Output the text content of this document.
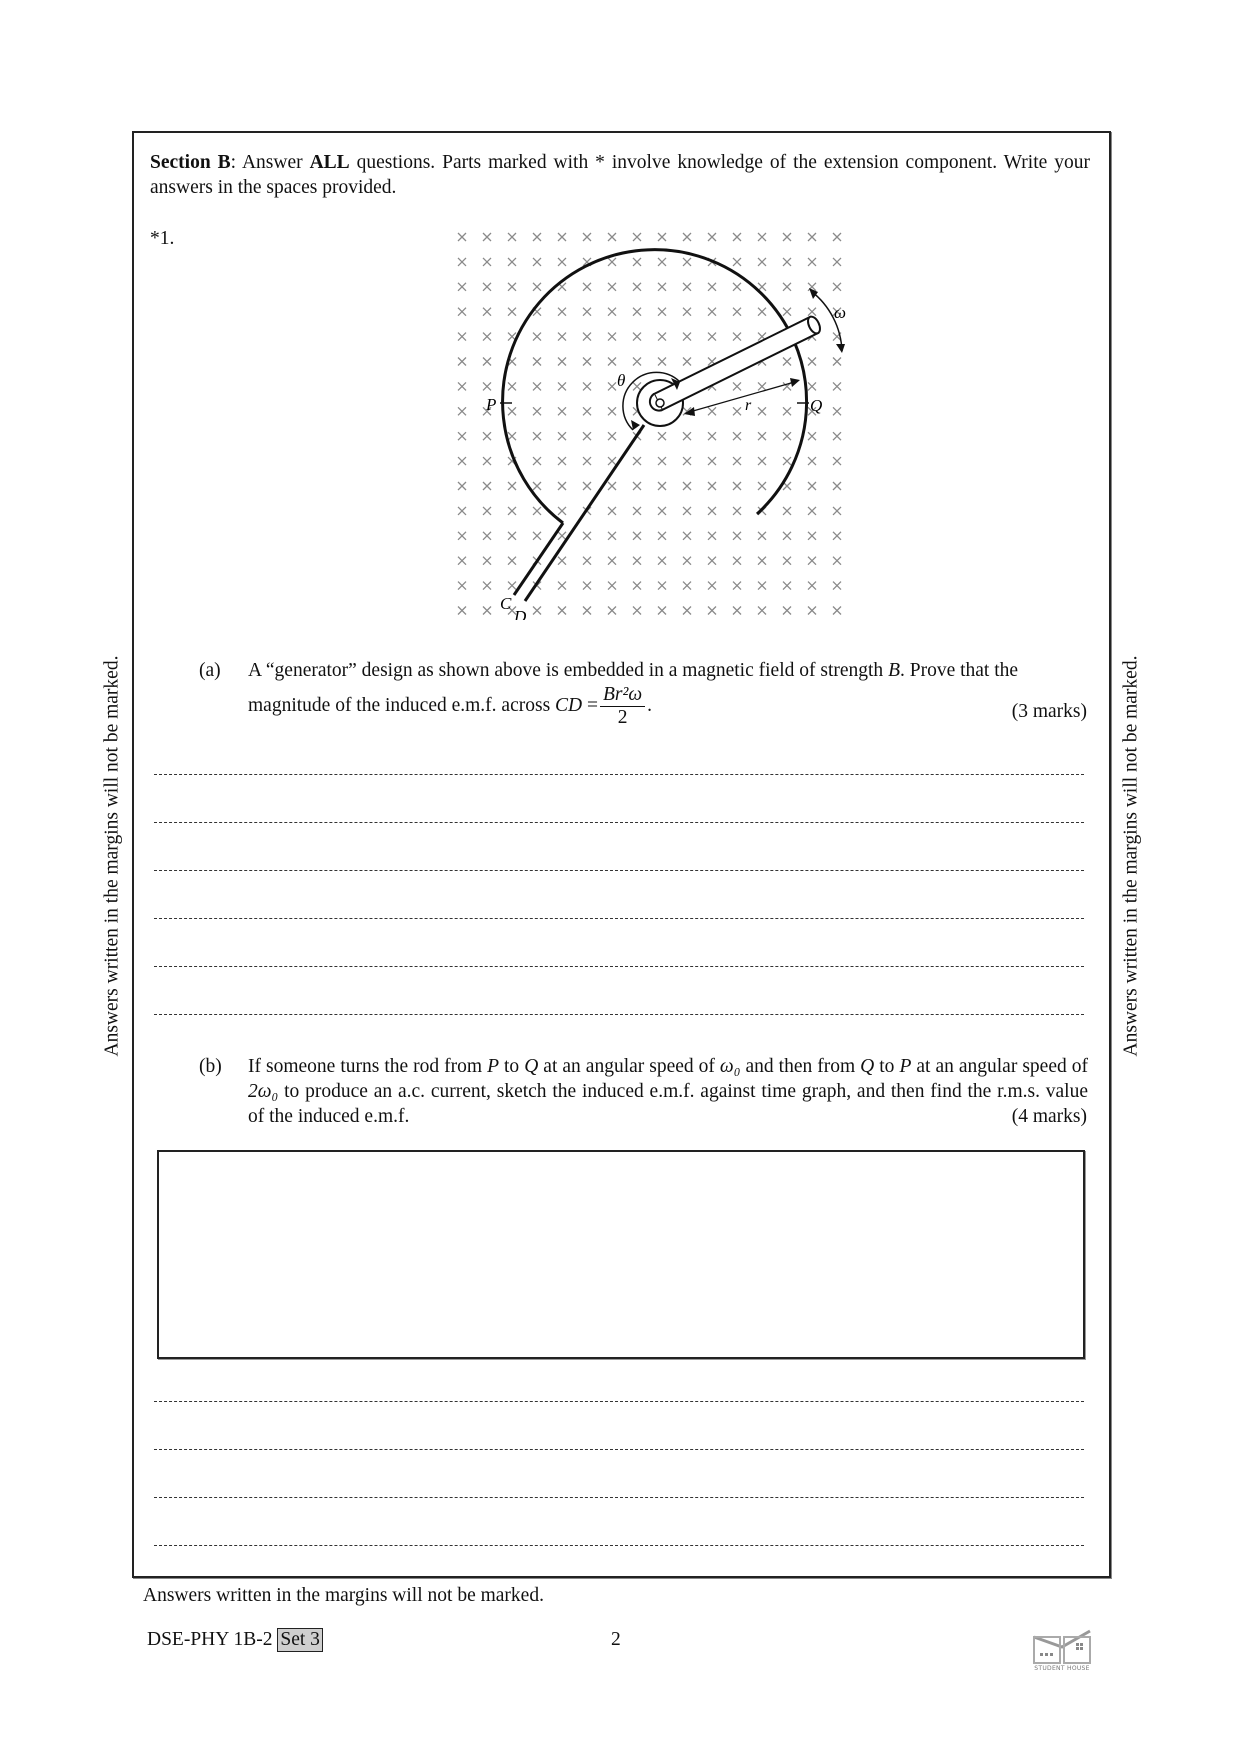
Answers written in the margins will not be marked.	Answers written in the margins will not be marked.
Section B: Answer ALL questions. Parts marked with * involve knowledge of the extension component. Write your answers in the spaces provided.
*1.
P	Q
r
θ
ω
C
D
(a) A “generator” design as shown above is embedded in a magnetic field of strength B. Prove that the
magnitude of the induced e.m.f. across CD = $\frac{\text{Br²ω}}{2}$ .	(3 marks)
(b) If someone turns the rod from P to Q at an angular speed of ω₀ and then from Q to P at an angular speed of 2ω₀ to produce an a.c. current, sketch the induced e.m.f. against time graph, and then find the r.m.s. value of the induced e.m.f.	(4 marks)
Answers written in the margins will not be marked.
DSE-PHY 1B-2 Set 3	2
STUDENT HOUSE
